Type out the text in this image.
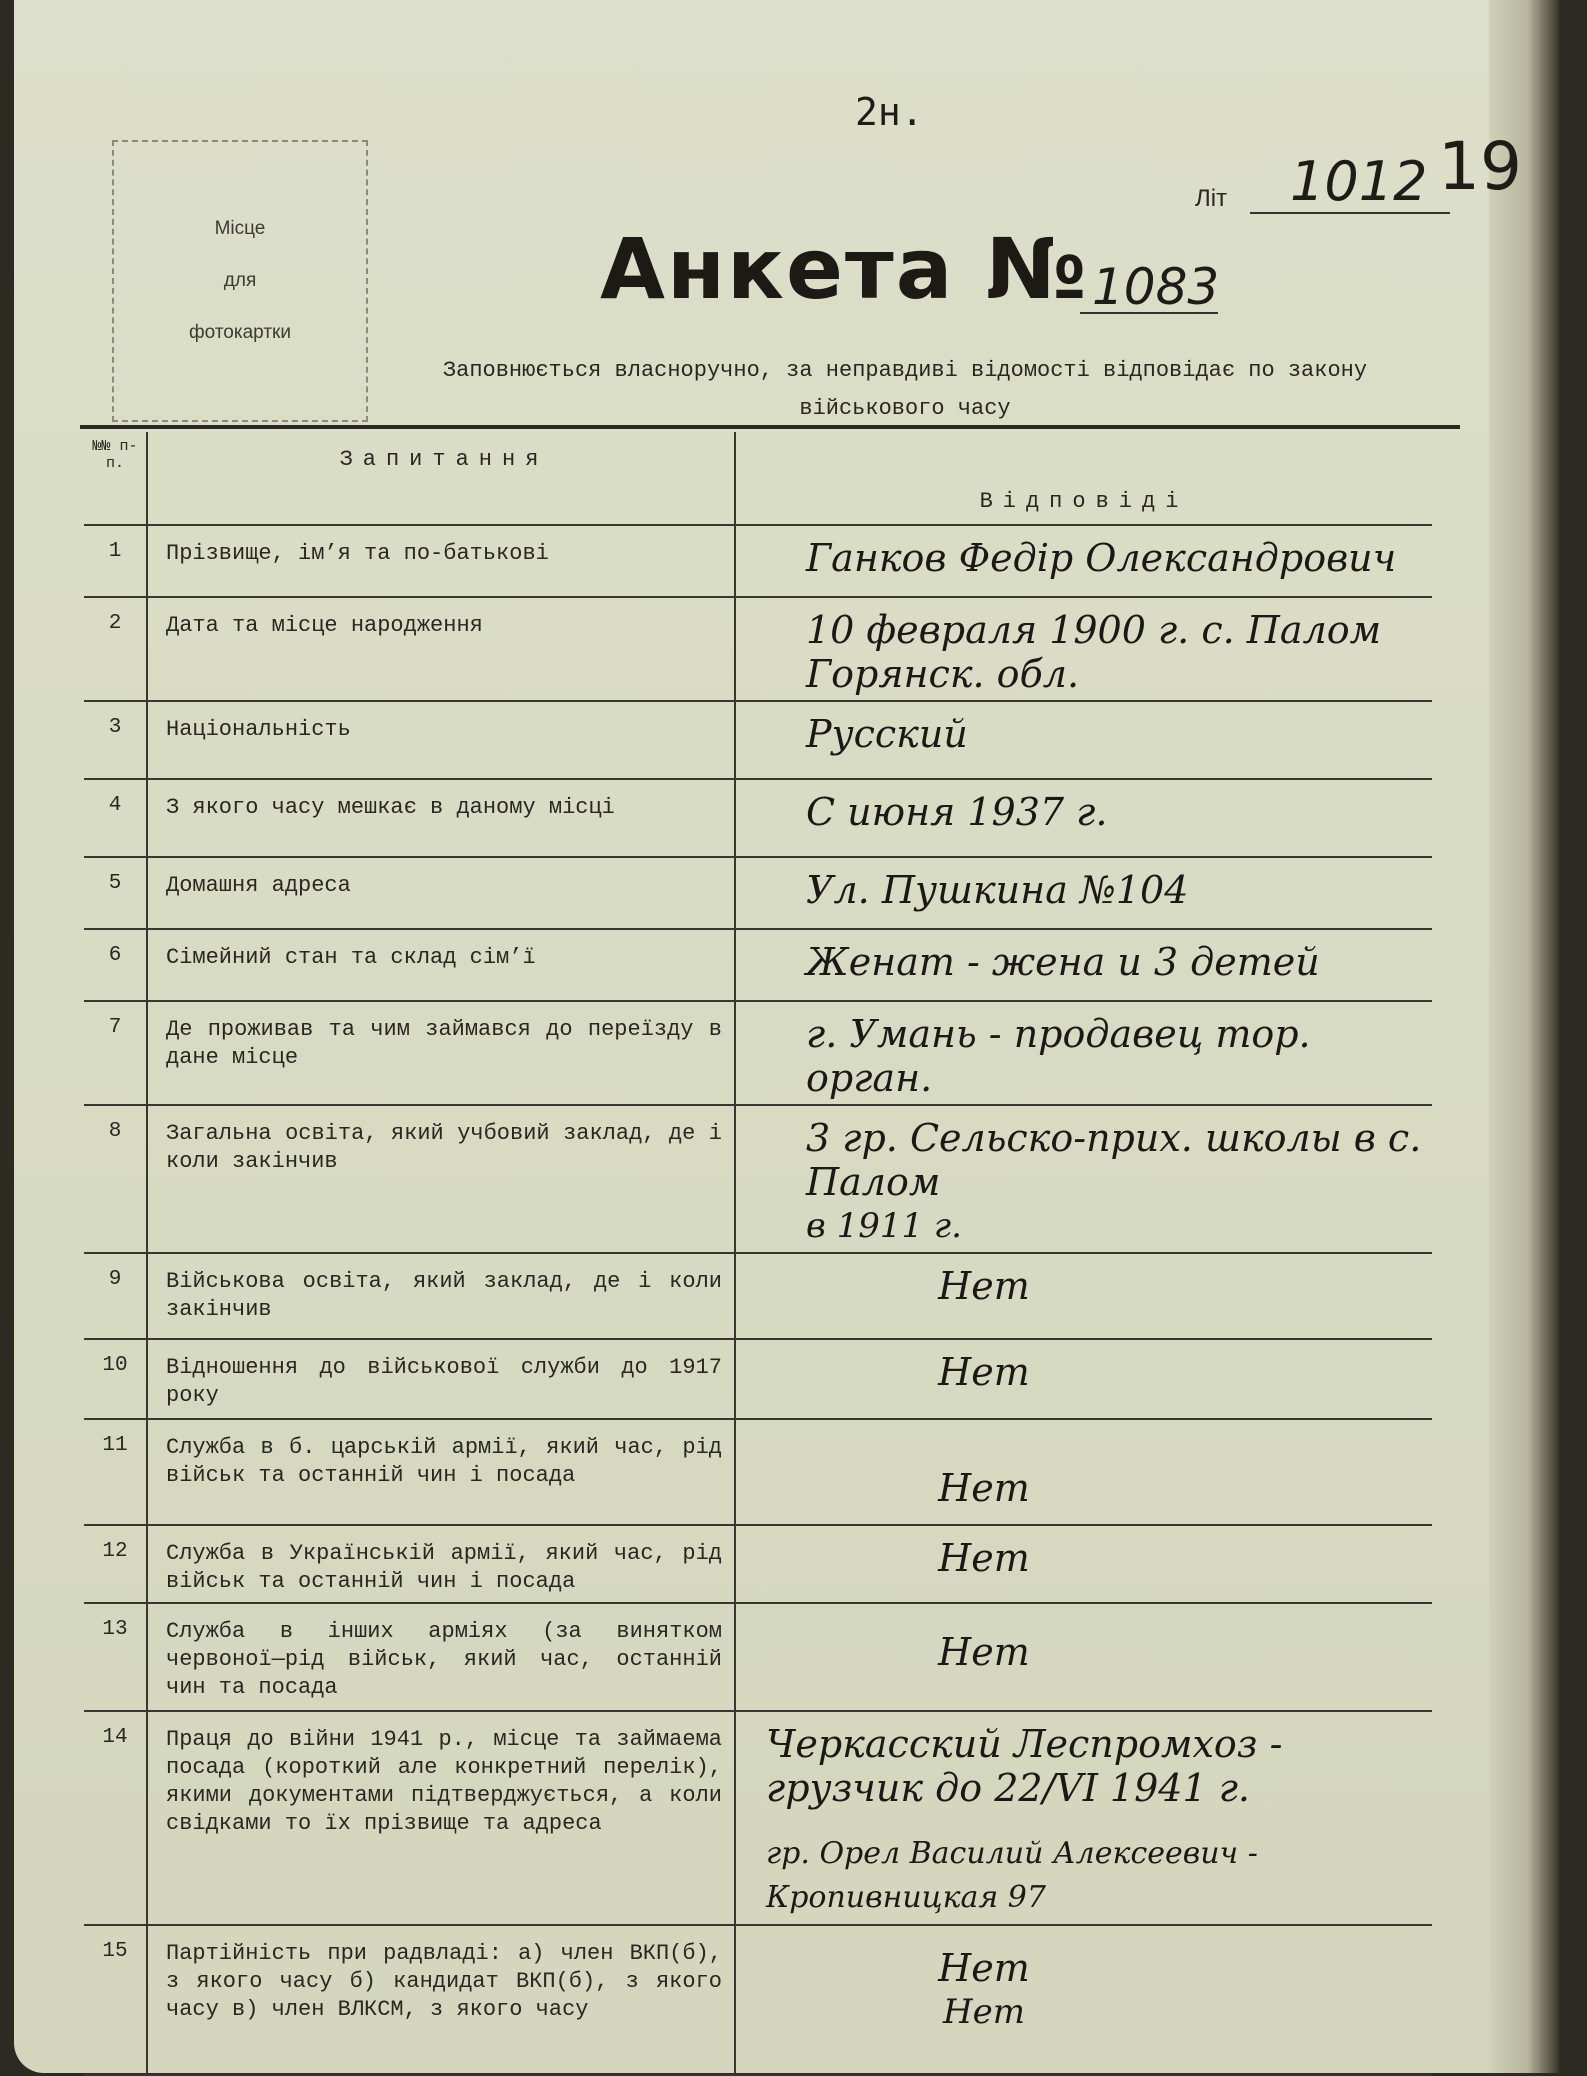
2н.
Місце
для
фотокартки
Літ 1012 19
Анкета № 1083
Заповнюється власноручно, за неправдиві відомості відповідає по закону військового часу
№№ п-п.	Запитання	Відповіді
1	Прізвище, ім’я та по-батькові	Ганков Федір Олександрович
2	Дата та місце народження	10 февраля 1900 г. с. Палом Горянск. обл.
3	Національність	Русский
4	З якого часу мешкає в даному місці	С июня 1937 г.
5	Домашня адреса	Ул. Пушкина №104
6	Сімейний стан та склад сім’ї	Женат - жена и 3 детей
7	Де проживав та чим займався до переїзду в дане місце	г. Умань - продавец тор. орган.
8	Загальна освіта, який учбовий заклад, де і коли закінчив	3 гр. Сельско-прих. школы в с. Палом
в 1911 г.

9	Військова освіта, який заклад, де і коли закінчив	Нет
10	Відношення до військової служби до 1917 року	Нет
11	Служба в б. царській армії, який час, рід військ та останній чин і посада	Нет
12	Служба в Українській армії, який час, рід військ та останній чин і посада	Нет
13	Служба в інших арміях (за винятком червоної—рід військ, який час, останній чин та посада	Нет
14	Праця до війни 1941 р., місце та займаема посада (короткий але конкретний перелік), якими документами підтверджується, а коли свідками то їх прізвище та адреса	Черкасский Леспромхоз - грузчик до 22/VI 1941 г.
гр. Орел Василий Алексеевич - Кропивницкая 97

15	Партійність при радвладі: а) член ВКП(б), з якого часу б) кандидат ВКП(б), з якого часу в) член ВЛКСМ, з якого часу	Нет
Нет
